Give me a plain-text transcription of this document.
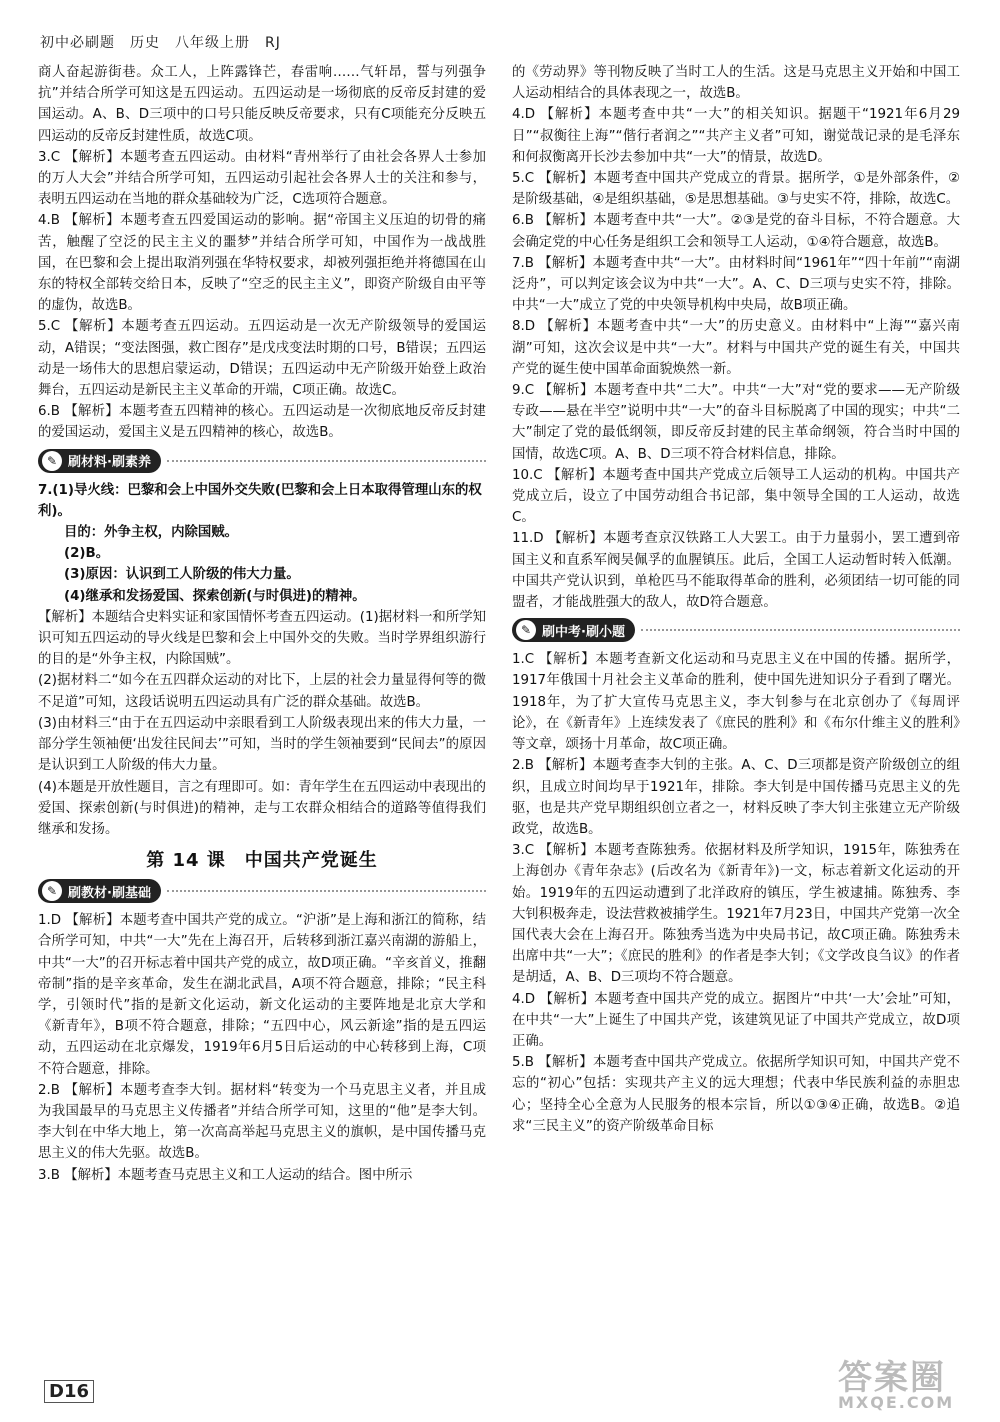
初中必刷题　历史　八年级上册　RJ

商人奋起游街巷。众工人，上阵露锋芒，春雷响……气轩昂，誓与列强争抗”并结合所学可知这是五四运动。五四运动是一场彻底的反帝反封建的爱国运动。A、B、D三项中的口号只能反映反帝要求，只有C项能充分反映五四运动的反帝反封建性质，故选C项。

3.C 【解析】本题考查五四运动。由材料“青州举行了由社会各界人士参加的万人大会”并结合所学可知，五四运动引起社会各界人士的关注和参与，表明五四运动在当地的群众基础较为广泛，C选项符合题意。

4.B 【解析】本题考查五四爱国运动的影响。据“帝国主义压迫的切骨的痛苦，触醒了空泛的民主主义的噩梦”并结合所学可知，中国作为一战战胜国，在巴黎和会上提出取消列强在华特权要求，却被列强拒绝并将德国在山东的特权全部转交给日本，反映了“空乏的民主主义”，即资产阶级自由平等的虚伪，故选B。

5.C 【解析】本题考查五四运动。五四运动是一次无产阶级领导的爱国运动，A错误；“变法图强，救亡图存”是戊戌变法时期的口号，B错误；五四运动是一场伟大的思想启蒙运动，D错误；五四运动中无产阶级开始登上政治舞台，五四运动是新民主主义革命的开端，C项正确。故选C。

6.B 【解析】本题考查五四精神的核心。五四运动是一次彻底地反帝反封建的爱国运动，爱国主义是五四精神的核心，故选B。

✎ 刷材料·刷素养

7.(1)导火线：巴黎和会上中国外交失败(巴黎和会上日本取得管理山东的权利)。

目的：外争主权，内除国贼。

(2)B。

(3)原因：认识到工人阶级的伟大力量。

(4)继承和发扬爱国、探索创新(与时俱进)的精神。

【解析】本题结合史料实证和家国情怀考查五四运动。(1)据材料一和所学知识可知五四运动的导火线是巴黎和会上中国外交的失败。当时学界组织游行的目的是“外争主权，内除国贼”。

(2)据材料二“如今在五四群众运动的对比下，上层的社会力量显得何等的微不足道”可知，这段话说明五四运动具有广泛的群众基础。故选B。

(3)由材料三“由于在五四运动中亲眼看到工人阶级表现出来的伟大力量，一部分学生领袖便‘出发往民间去’”可知，当时的学生领袖要到“民间去”的原因是认识到工人阶级的伟大力量。

(4)本题是开放性题目，言之有理即可。如：青年学生在五四运动中表现出的爱国、探索创新(与时俱进)的精神，走与工农群众相结合的道路等值得我们继承和发扬。

第 14 课　中国共产党诞生
✎ 刷教材·刷基础

1.D 【解析】本题考查中国共产党的成立。“沪浙”是上海和浙江的简称，结合所学可知，中共“一大”先在上海召开，后转移到浙江嘉兴南湖的游船上，中共“一大”的召开标志着中国共产党的成立，故D项正确。“辛亥首义，推翻帝制”指的是辛亥革命，发生在湖北武昌，A项不符合题意，排除；“民主科学，引领时代”指的是新文化运动，新文化运动的主要阵地是北京大学和《新青年》，B项不符合题意，排除；“五四中心，风云新途”指的是五四运动，五四运动在北京爆发，1919年6月5日后运动的中心转移到上海，C项不符合题意，排除。

2.B 【解析】本题考查李大钊。据材料“转变为一个马克思主义者，并且成为我国最早的马克思主义传播者”并结合所学可知，这里的“他”是李大钊。李大钊在中华大地上，第一次高高举起马克思主义的旗帜，是中国传播马克思主义的伟大先驱。故选B。

3.B 【解析】本题考查马克思主义和工人运动的结合。图中所示

的《劳动界》等刊物反映了当时工人的生活。这是马克思主义开始和中国工人运动相结合的具体表现之一，故选B。

4.D 【解析】本题考查中共“一大”的相关知识。据题干“1921年6月29日”“叔衡往上海”“偕行者润之”“共产主义者”可知，谢觉哉记录的是毛泽东和何叔衡离开长沙去参加中共“一大”的情景，故选D。

5.C 【解析】本题考查中国共产党成立的背景。据所学，①是外部条件，②是阶级基础，④是组织基础，⑤是思想基础。③与史实不符，排除，故选C。

6.B 【解析】本题考查中共“一大”。②③是党的奋斗目标，不符合题意。大会确定党的中心任务是组织工会和领导工人运动，①④符合题意，故选B。

7.B 【解析】本题考查中共“一大”。由材料时间“1961年”“四十年前”“南湖泛舟”，可以判定该会议为中共“一大”。A、C、D三项与史实不符，排除。中共“一大”成立了党的中央领导机构中央局，故B项正确。

8.D 【解析】本题考查中共“一大”的历史意义。由材料中“上海”“嘉兴南湖”可知，这次会议是中共“一大”。材料与中国共产党的诞生有关，中国共产党的诞生使中国革命面貌焕然一新。

9.C 【解析】本题考查中共“二大”。中共“一大”对“党的要求——无产阶级专政——悬在半空”说明中共“一大”的奋斗目标脱离了中国的现实；中共“二大”制定了党的最低纲领，即反帝反封建的民主革命纲领，符合当时中国的国情，故选C项。A、B、D三项不符合材料信息，排除。

10.C 【解析】本题考查中国共产党成立后领导工人运动的机构。中国共产党成立后，设立了中国劳动组合书记部，集中领导全国的工人运动，故选C。

11.D 【解析】本题考查京汉铁路工人大罢工。由于力量弱小，罢工遭到帝国主义和直系军阀吴佩孚的血腥镇压。此后，全国工人运动暂时转入低潮。中国共产党认识到，单枪匹马不能取得革命的胜利，必须团结一切可能的同盟者，才能战胜强大的敌人，故D符合题意。

✎ 刷中考·刷小题

1.C 【解析】本题考查新文化运动和马克思主义在中国的传播。据所学，1917年俄国十月社会主义革命的胜利，使中国先进知识分子看到了曙光。1918年，为了扩大宣传马克思主义，李大钊参与在北京创办了《每周评论》，在《新青年》上连续发表了《庶民的胜利》和《布尔什维主义的胜利》等文章，颂扬十月革命，故C项正确。

2.B 【解析】本题考查李大钊的主张。A、C、D三项都是资产阶级创立的组织，且成立时间均早于1921年，排除。李大钊是中国传播马克思主义的先驱，也是共产党早期组织创立者之一，材料反映了李大钊主张建立无产阶级政党，故选B。

3.C 【解析】本题考查陈独秀。依据材料及所学知识，1915年，陈独秀在上海创办《青年杂志》(后改名为《新青年》)一文，标志着新文化运动的开始。1919年的五四运动遭到了北洋政府的镇压，学生被逮捕。陈独秀、李大钊积极奔走，设法营救被捕学生。1921年7月23日，中国共产党第一次全国代表大会在上海召开。陈独秀当选为中央局书记，故C项正确。陈独秀未出席中共“一大”；《庶民的胜利》的作者是李大钊；《文学改良刍议》的作者是胡适，A、B、D三项均不符合题意。

4.D 【解析】本题考查中国共产党的成立。据图片“中共‘一大’会址”可知，在中共“一大”上诞生了中国共产党，该建筑见证了中国共产党成立，故D项正确。

5.B 【解析】本题考查中国共产党成立。依据所学知识可知，中国共产党不忘的“初心”包括：实现共产主义的远大理想；代表中华民族利益的赤胆忠心；坚持全心全意为人民服务的根本宗旨，所以①③④正确，故选B。②追求“三民主义”的资产阶级革命目标

D16	答案圈
MXQE.COM
